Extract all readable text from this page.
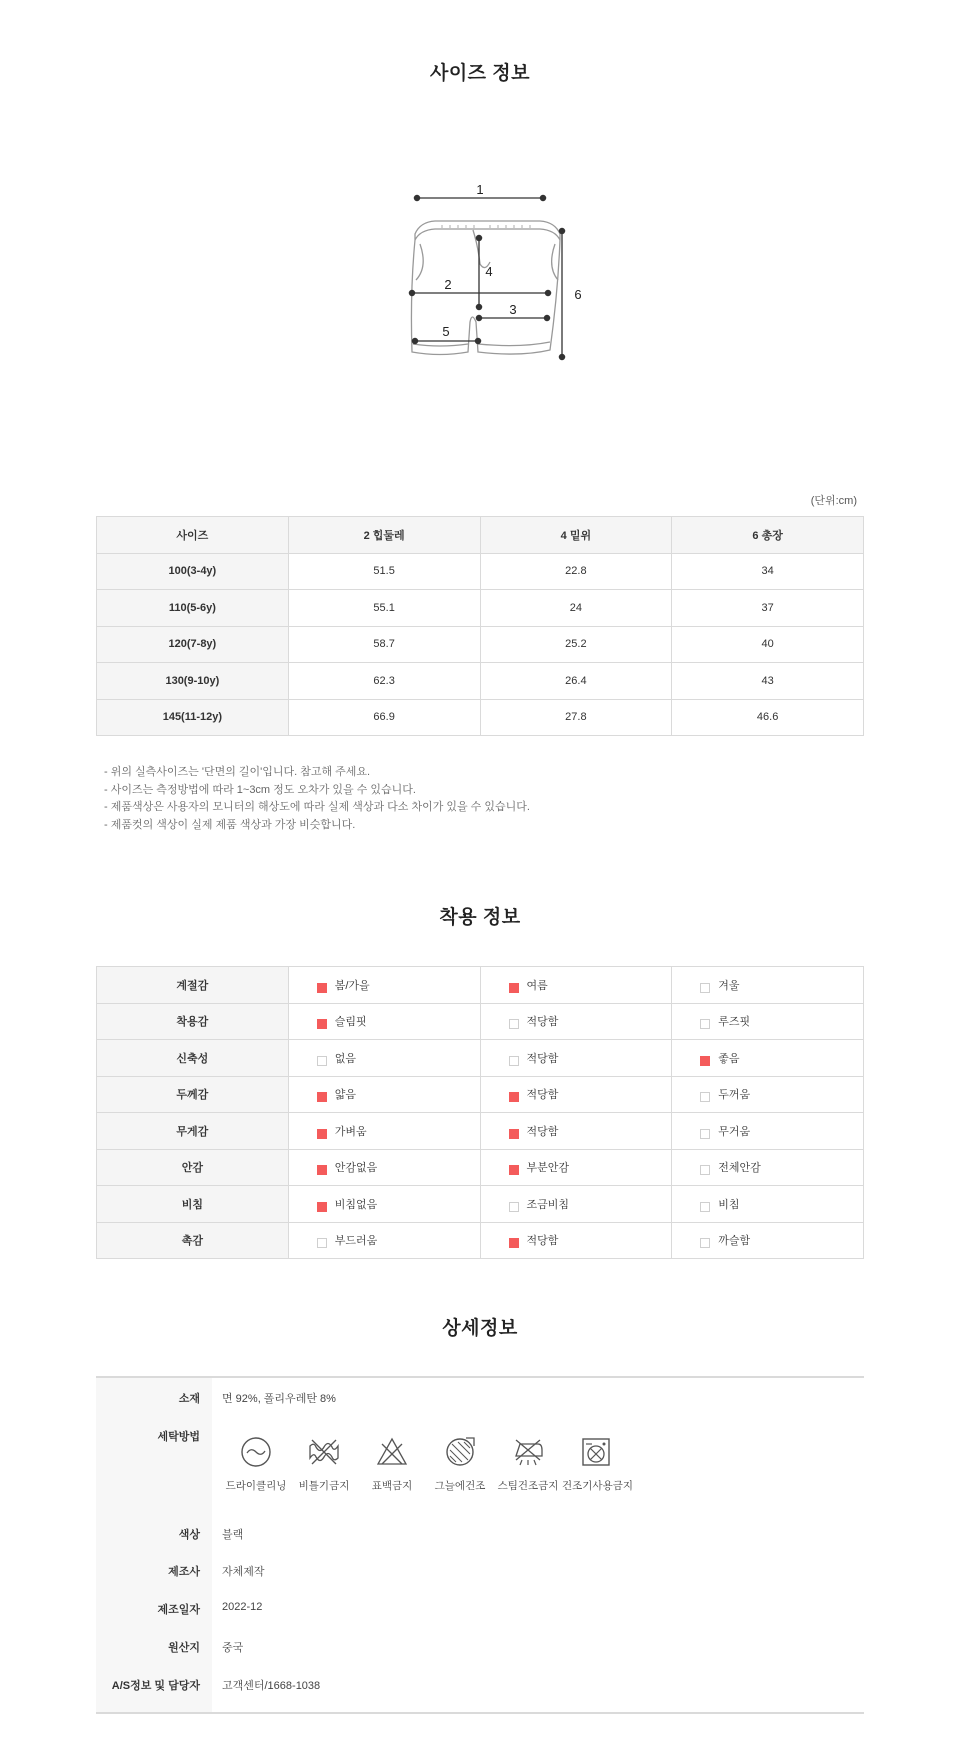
사이즈 정보
1
2
3
4
5
6
(단위:cm)
사이즈	2 힙둘레	4 밑위	6 총장
100(3-4y)	51.5	22.8	34
110(5-6y)	55.1	24	37
120(7-8y)	58.7	25.2	40
130(9-10y)	62.3	26.4	43
145(11-12y)	66.9	27.8	46.6
- 위의 실측사이즈는 '단면의 길이'입니다. 참고해 주세요.
- 사이즈는 측정방법에 따라 1~3cm 정도 오차가 있을 수 있습니다.
- 제품색상은 사용자의 모니터의 해상도에 따라 실제 색상과 다소 차이가 있을 수 있습니다.
- 제품컷의 색상이 실제 제품 색상과 가장 비슷합니다.
착용 정보
계절감	봄/가을	여름	겨울
착용감	슬림핏	적당함	루즈핏
신축성	없음	적당함	좋음
두께감	얇음	적당함	두꺼움
무게감	가벼움	적당함	무거움
안감	안감없음	부분안감	전체안감
비침	비침없음	조금비침	비침
촉감	부드러움	적당함	까슬함
상세정보
소재 면 92%, 폴리우레탄 8%
세탁방법
드라이클리닝	비틀기금지	표백금지	그늘에건조	스팀건조금지 건조기사용금지
색상 블랙
제조사 자체제작
제조일자 2022-12
원산지 중국
A/S정보 및 담당자 고객센터/1668-1038
